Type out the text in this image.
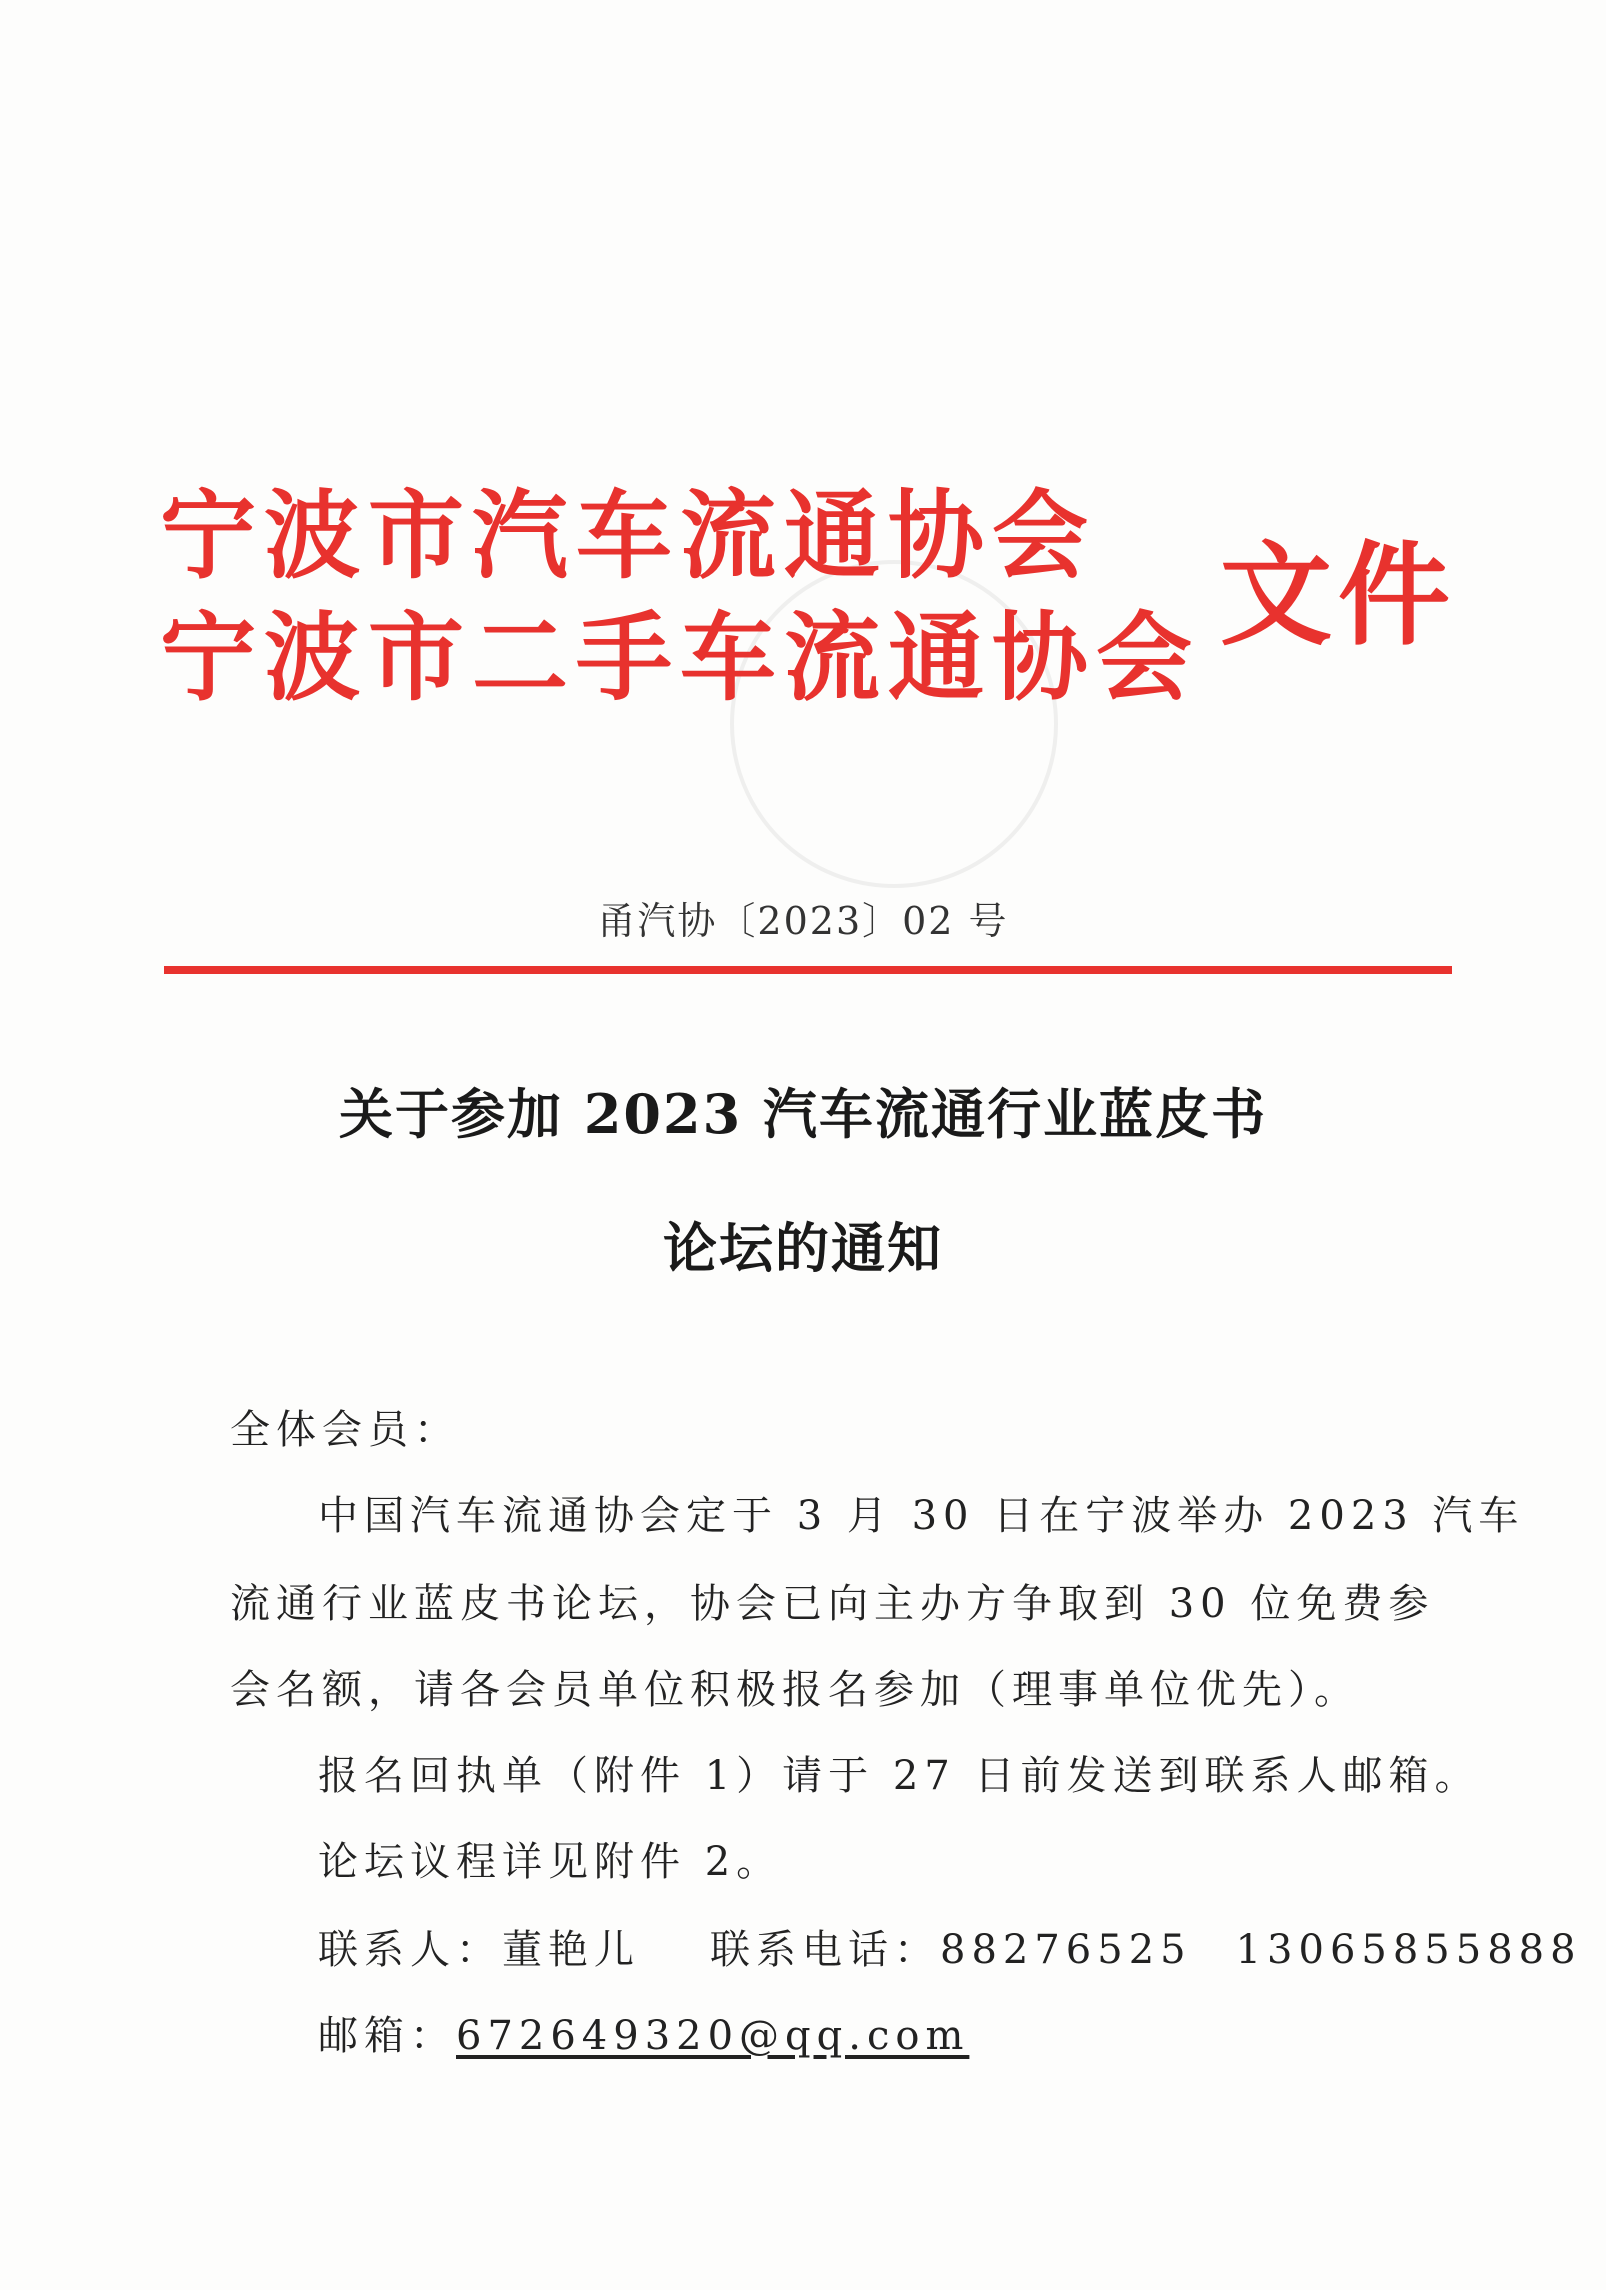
宁波市汽车流通协会
宁波市二手车流通协会 文件
甬汽协〔2023〕02 号
关于参加 2023 汽车流通行业蓝皮书
论坛的通知
全体会员：
中国汽车流通协会定于 3 月 30 日在宁波举办 2023 汽车
流通行业蓝皮书论坛，协会已向主办方争取到 30 位免费参
会名额，请各会员单位积极报名参加（理事单位优先）。
报名回执单（附件 1）请于 27 日前发送到联系人邮箱。
论坛议程详见附件 2。
联系人：董艳儿 联系电话：88276525 13065855888
邮箱：672649320@qq.com
